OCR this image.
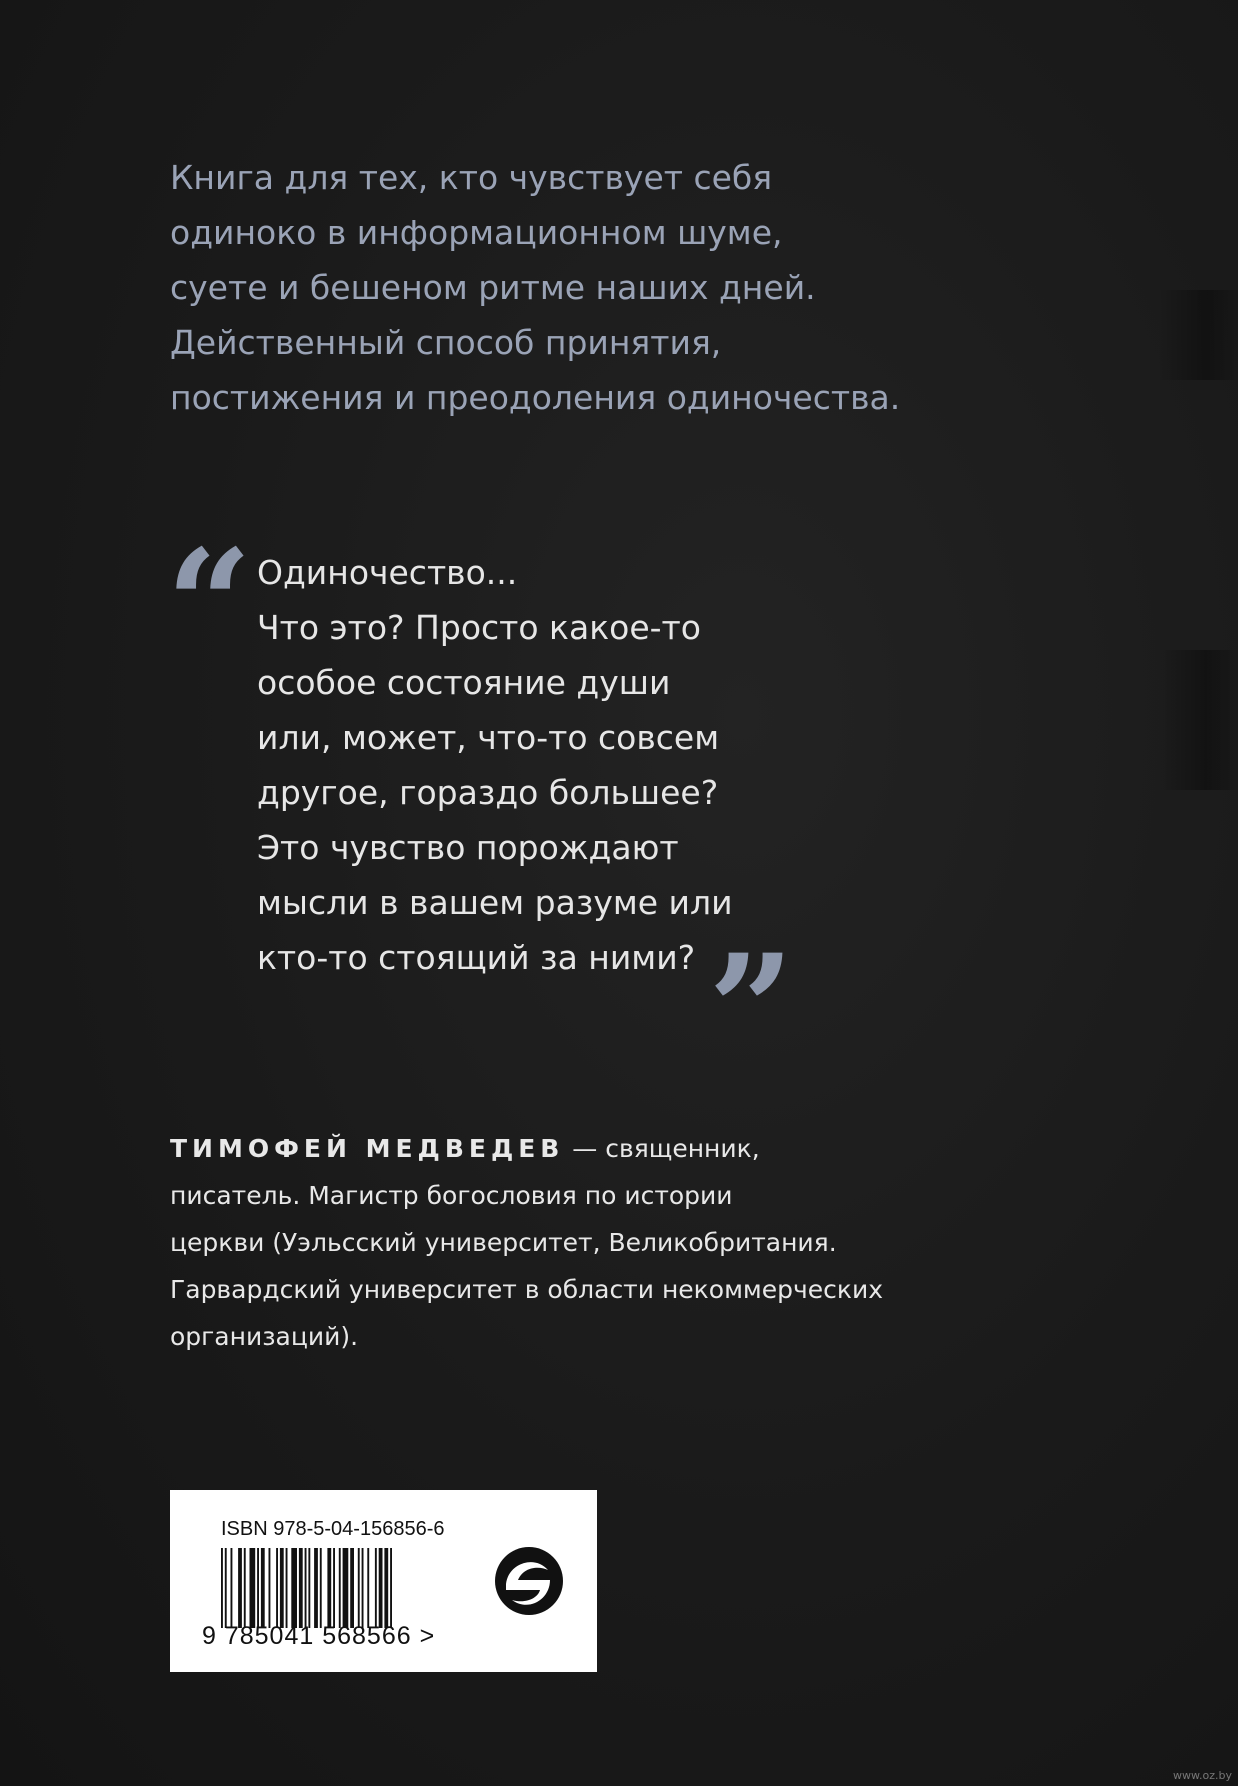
Книга для тех, кто чувствует себя
одиноко в информационном шуме,
суете и бешеном ритме наших дней.
Действенный способ принятия,
постижения и преодоления одиночества.
“ Одиночество...
Что это? Просто какое-то
особое состояние души
или, может, что-то совсем
другое, гораздо большее?
Это чувство порождают
мысли в вашем разуме или
кто-то стоящий за ними? ”
ТИМОФЕЙ МЕДВЕДЕВ — священник,
писатель. Магистр богословия по истории
церкви (Уэльсский университет, Великобритания.
Гарвардский университет в области некоммерческих
организаций).
ISBN 978-5-04-156856-6
9 785041 568566 >
www.oz.by
